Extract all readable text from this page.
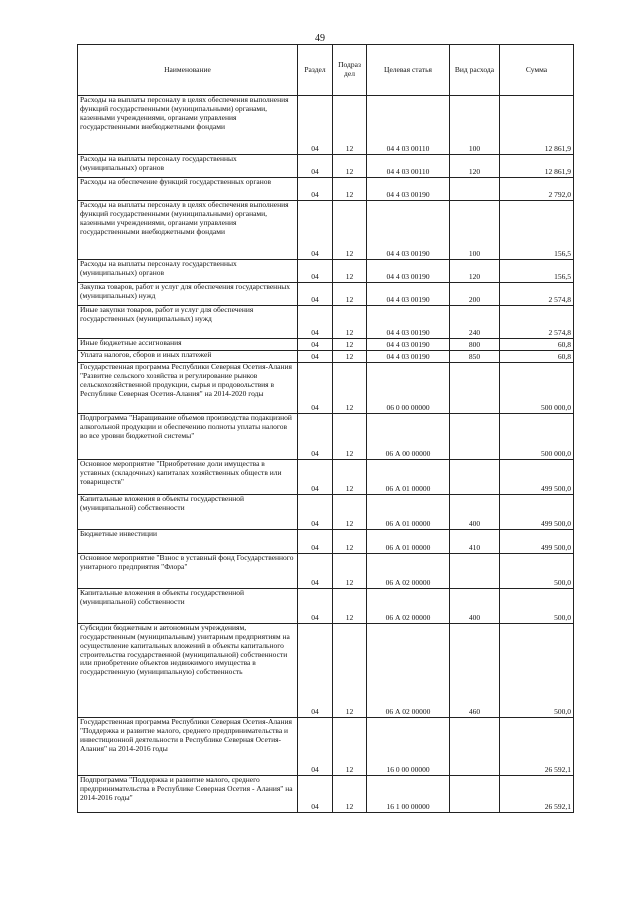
49
Наименование	Раздел	Подраз дел	Целевая статья	Вид расхода	Сумма

Расходы на выплаты персоналу в целях обеспечения выполнения функций государственными (муниципальными) органами, казенными учреждениями, органами управления государственными внебюджетными фондами	04	12	04 4 03 00110	100	12 861,9

Расходы на выплаты персоналу государственных (муниципальных) органов	04	12	04 4 03 00110	120	12 861,9

Расходы на обеспечение функций государственных органов	04	12	04 4 03 00190		2 792,0

Расходы на выплаты персоналу в целях обеспечения выполнения функций государственными (муниципальными) органами, казенными учреждениями, органами управления государственными внебюджетными фондами	04	12	04 4 03 00190	100	156,5

Расходы на выплаты персоналу государственных (муниципальных) органов	04	12	04 4 03 00190	120	156,5

Закупка товаров, работ и услуг для обеспечения государственных (муниципальных) нужд	04	12	04 4 03 00190	200	2 574,8

Иные закупки товаров, работ и услуг для обеспечения государственных (муниципальных) нужд	04	12	04 4 03 00190	240	2 574,8

Иные бюджетные ассигнования	04	12	04 4 03 00190	800	60,8

Уплата налогов, сборов и иных платежей	04	12	04 4 03 00190	850	60,8

Государственная программа Республики Северная Осетия-Алания "Развитие сельского хозяйства и регулирование рынков сельскохозяйственной продукции, сырья и продовольствия в Республике Северная Осетия-Алания" на 2014-2020 годы	04	12	06 0 00 00000		500 000,0

Подпрограмма "Наращивание объемов производства подакцизной алкогольной продукции и обеспечению полноты уплаты налогов во все уровни бюджетной системы"	04	12	06 А 00 00000		500 000,0

Основное мероприятие "Приобретение доли имущества в уставных (складочных) капиталах хозяйственных обществ или товариществ"	04	12	06 А 01 00000		499 500,0

Капитальные вложения в объекты государственной (муниципальной) собственности	04	12	06 А 01 00000	400	499 500,0

Бюджетные инвестиции	04	12	06 А 01 00000	410	499 500,0

Основное мероприятие "Взнос в уставный фонд Государственного унитарного предприятия "Флора"	04	12	06 А 02 00000		500,0

Капитальные вложения в объекты государственной (муниципальной) собственности	04	12	06 А 02 00000	400	500,0

Субсидии бюджетным и автономным учреждениям, государственным (муниципальным) унитарным предприятиям на осуществление капитальных вложений в объекты капитального строительства государственной (муниципальной) собственности или приобретение объектов недвижимого имущества в государственную (муниципальную) собственность	04	12	06 А 02 00000	460	500,0

Государственная программа Республики Северная Осетия-Алания "Поддержка и развитие малого, среднего предпринимательства и инвестиционной деятельности в Республике Северная Осетия-Алания" на 2014-2016 годы	04	12	16 0 00 00000		26 592,1

Подпрограмма "Поддержка и развитие малого, среднего предпринимательства в Республике Северная Осетия - Алания" на 2014-2016 годы"	04	12	16 1 00 00000		26 592,1
